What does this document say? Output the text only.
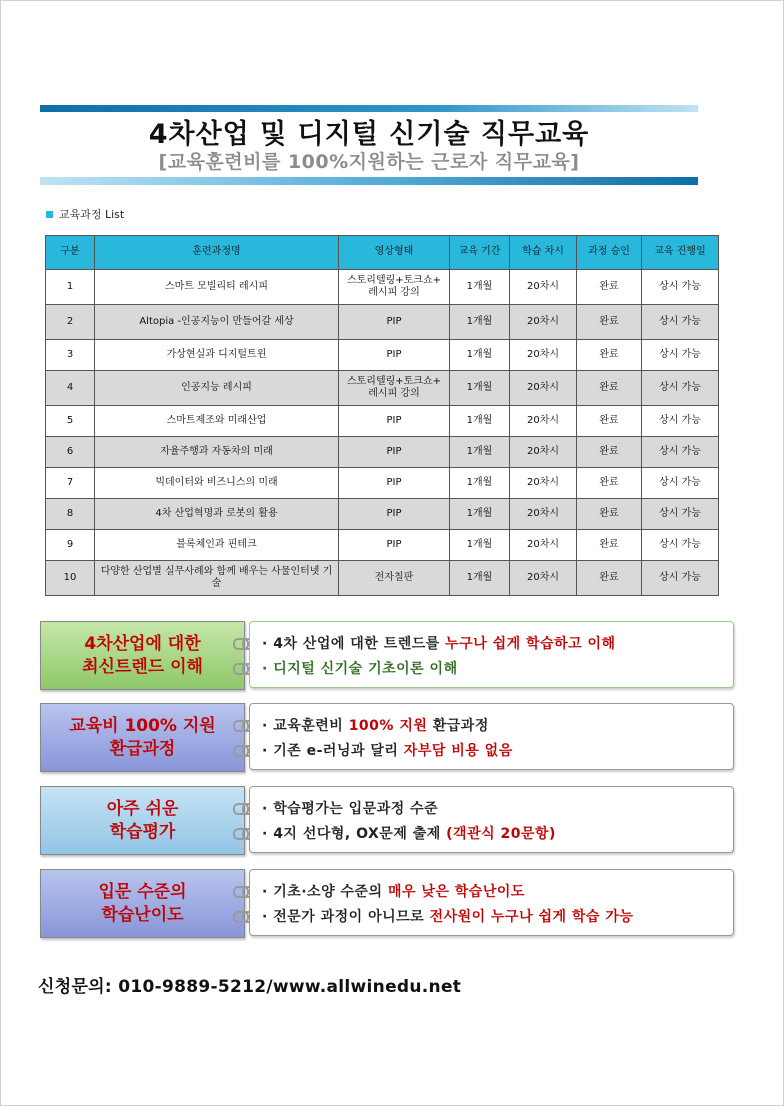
4차산업 및 디지털 신기술 직무교육
[교육훈련비를 100%지원하는 근로자 직무교육]
교육과정 List
구분	훈련과정명	영상형태	교육 기간	학습 차시	과정 승인	교육 진행일
1	스마트 모빌리티 레시피	스토리텔링+토크쇼+ 레시피 강의	1개월	20차시	완료	상시 가능
2	Altopia -인공지능이 만들어갈 세상	PIP	1개월	20차시	완료	상시 가능
3	가상현실과 디지털트윈	PIP	1개월	20차시	완료	상시 가능
4	인공지능 레시피	스토리텔링+토크쇼+ 레시피 강의	1개월	20차시	완료	상시 가능
5	스마트제조와 미래산업	PIP	1개월	20차시	완료	상시 가능
6	자율주행과 자동차의 미래	PIP	1개월	20차시	완료	상시 가능
7	빅데이터와 비즈니스의 미래	PIP	1개월	20차시	완료	상시 가능
8	4차 산업혁명과 로봇의 활용	PIP	1개월	20차시	완료	상시 가능
9	블록체인과 핀테크	PIP	1개월	20차시	완료	상시 가능
10	다양한 산업별 실무사례와 함께 배우는 사물인터넷 기술	전자칠판	1개월	20차시	완료	상시 가능
4차산업에 대한
최신트렌드 이해
· 4차 산업에 대한 트렌드를 누구나 쉽게 학습하고 이해
· 디지털 신기술 기초이론 이해
교육비 100% 지원
환급과정
· 교육훈련비 100% 지원 환급과정
· 기존 e-러닝과 달리 자부담 비용 없음
아주 쉬운
학습평가
· 학습평가는 입문과정 수준
· 4지 선다형, OX문제 출제 (객관식 20문항)
입문 수준의
학습난이도
· 기초·소양 수준의 매우 낮은 학습난이도
· 전문가 과정이 아니므로 전사원이 누구나 쉽게 학습 가능
신청문의: 010-9889-5212/www.allwinedu.net
